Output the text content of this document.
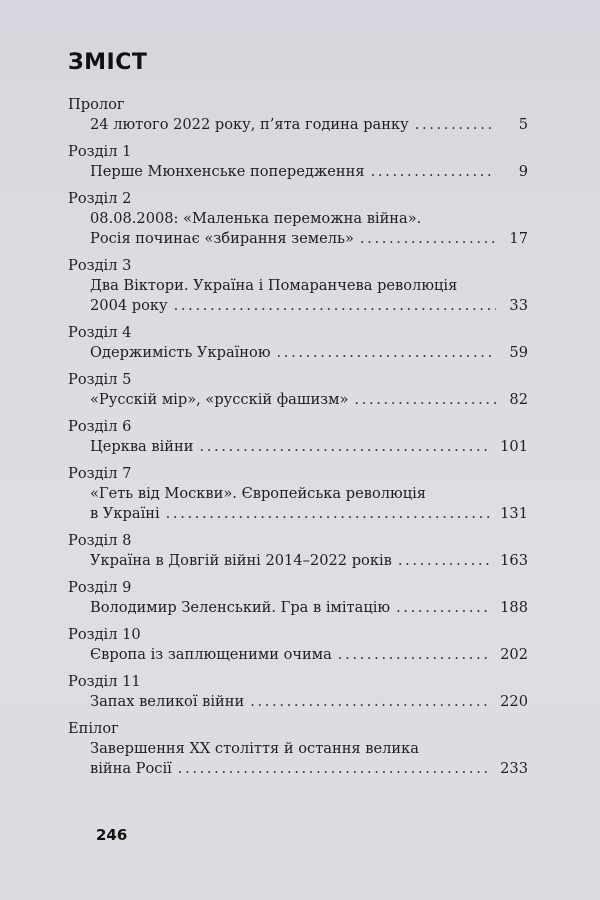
ЗМІСТ
Пролог
24 лютого 2022 року, п’ята година ранку . . .	5
Розділ 1
Перше Мюнхенське попередження . . .	9
Розділ 2
08.08.2008: «Маленька переможна війна».
Росія починає «збирання земель» . . .	17
Розділ 3
Два Віктори. Україна і Помаранчева революція
2004 року . . .	33
Розділ 4
Одержимість Україною . . .	59
Розділ 5
«Русскій мір», «русскій фашизм» . . .	82
Розділ 6
Церква війни . . .	101
Розділ 7
«Геть від Москви». Європейська революція
в Україні . . .	131
Розділ 8
Україна в Довгій війні 2014–2022 років . . .	163
Розділ 9
Володимир Зеленський. Гра в імітацію . . .	188
Розділ 10
Європа із заплющеними очима . . .	202
Розділ 11
Запах великої війни . . .	220
Епілог
Завершення ХХ століття й остання велика
війна Росії . . .	233
246
